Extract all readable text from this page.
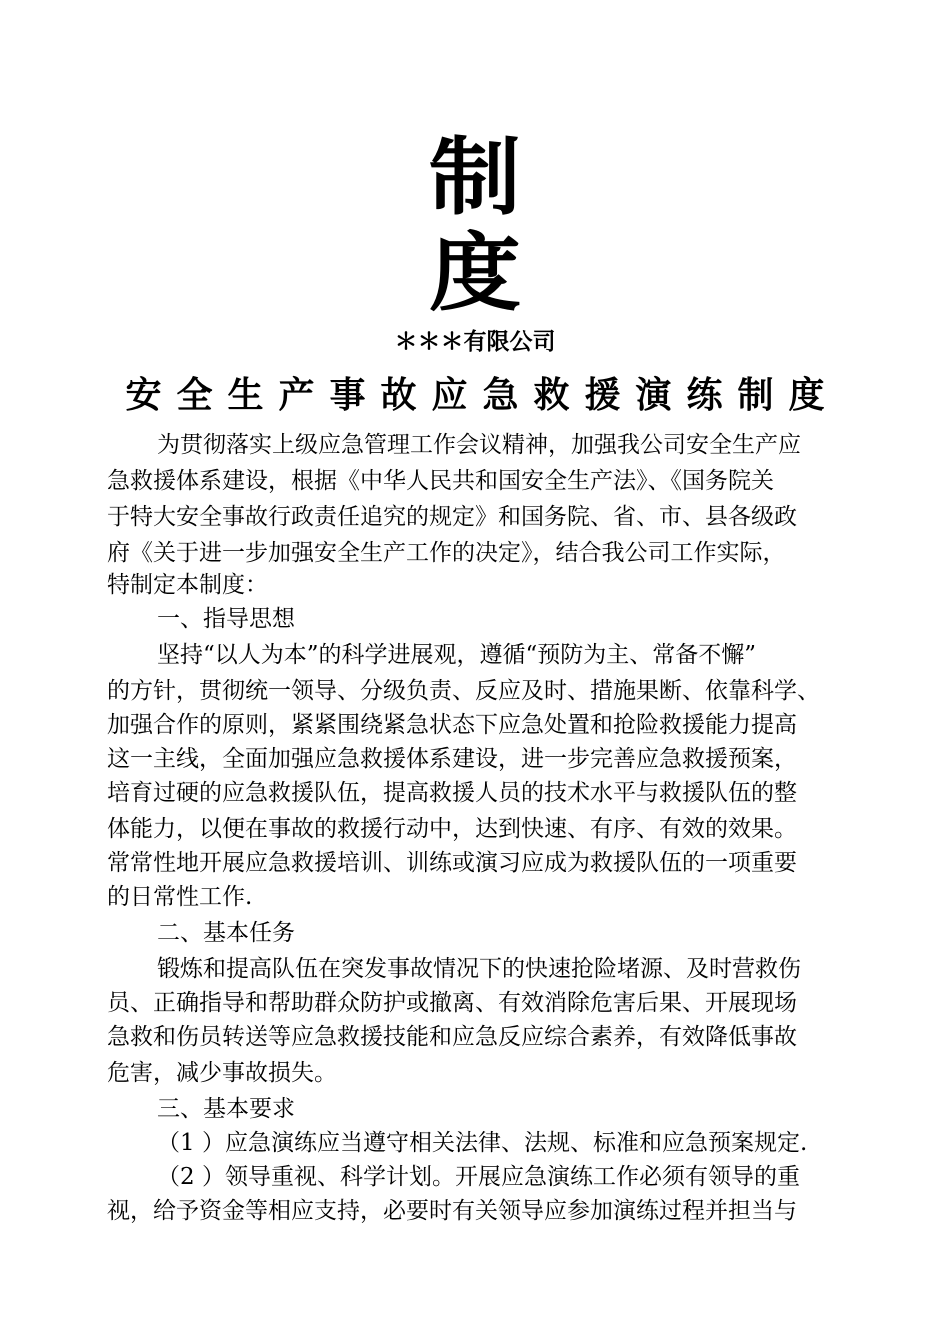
制
度
＊＊＊有限公司
安全生产事故应急救援演练制度
为贯彻落实上级应急管理工作会议精神，加强我公司安全生产应
急救援体系建设，根据《中华人民共和国安全生产法》、《国务院关
于特大安全事故行政责任追究的规定》和国务院、省、市、县各级政
府《关于进一步加强安全生产工作的决定》，结合我公司工作实际，
特制定本制度：
一、指导思想
坚持“以人为本”的科学进展观，遵循“预防为主、常备不懈”
的方针，贯彻统一领导、分级负责、反应及时、措施果断、依靠科学、
加强合作的原则，紧紧围绕紧急状态下应急处置和抢险救援能力提高
这一主线，全面加强应急救援体系建设，进一步完善应急救援预案，
培育过硬的应急救援队伍，提高救援人员的技术水平与救援队伍的整
体能力，以便在事故的救援行动中，达到快速、有序、有效的效果。
常常性地开展应急救援培训、训练或演习应成为救援队伍的一项重要
的日常性工作.
二、基本任务
锻炼和提高队伍在突发事故情况下的快速抢险堵源、及时营救伤
员、正确指导和帮助群众防护或撤离、有效消除危害后果、开展现场
急救和伤员转送等应急救援技能和应急反应综合素养，有效降低事故
危害，减少事故损失。
三、基本要求
（1 ）应急演练应当遵守相关法律、法规、标准和应急预案规定.
（2 ）领导重视、科学计划。开展应急演练工作必须有领导的重
视，给予资金等相应支持，必要时有关领导应参加演练过程并担当与
